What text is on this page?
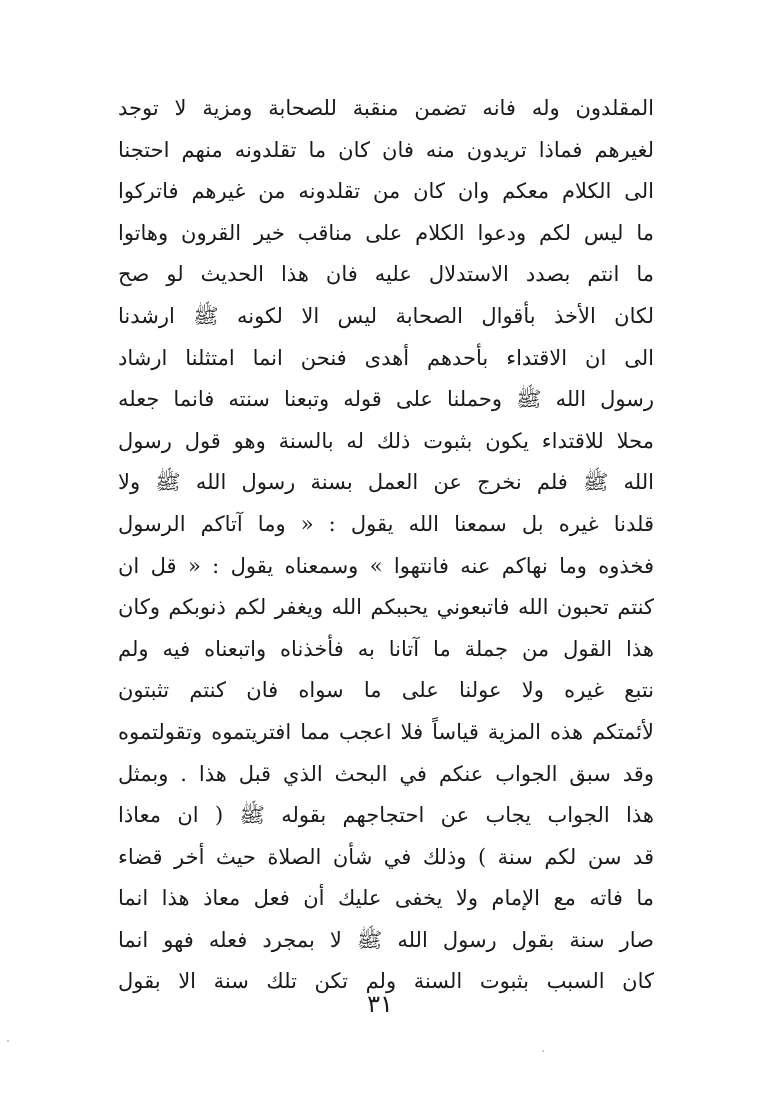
المقلدون وله فانه تضمن منقبة للصحابة ومزية لا توجد
لغيرهم فماذا تريدون منه فان كان ما تقلدونه منهم احتجنا
الى الكلام معكم وان كان من تقلدونه من غيرهم فاتركوا
ما ليس لكم ودعوا الكلام على مناقب خير القرون وهاتوا
ما انتم بصدد الاستدلال عليه فان هذا الحديث لو صح
لكان الأخذ بأقوال الصحابة ليس الا لكونه ﷺ ارشدنا
الى ان الاقتداء بأحدهم أهدى فنحن انما امتثلنا ارشاد
رسول الله ﷺ وحملنا على قوله وتبعنا سنته فانما جعله
محلا للاقتداء يكون بثبوت ذلك له بالسنة وهو قول رسول
الله ﷺ فلم نخرج عن العمل بسنة رسول الله ﷺ ولا
قلدنا غيره بل سمعنا الله يقول : « وما آتاكم الرسول
فخذوه وما نهاكم عنه فانتهوا » وسمعناه يقول : « قل ان
كنتم تحبون الله فاتبعوني يحببكم الله ويغفر لكم ذنوبكم وكان
هذا القول من جملة ما آتانا به فأخذناه واتبعناه فيه ولم
نتبع غيره ولا عولنا على ما سواه فان كنتم تثبتون
لأئمتكم هذه المزية قياساً فلا اعجب مما افتريتموه وتقولتموه
وقد سبق الجواب عنكم في البحث الذي قبل هذا . وبمثل
هذا الجواب يجاب عن احتجاجهم بقوله ﷺ ( ان معاذا
قد سن لكم سنة ) وذلك في شأن الصلاة حيث أخر قضاء
ما فاته مع الإمام ولا يخفى عليك أن فعل معاذ هذا انما
صار سنة بقول رسول الله ﷺ لا بمجرد فعله فهو انما
كان السبب بثبوت السنة ولم تكن تلك سنة الا بقول
٣١
